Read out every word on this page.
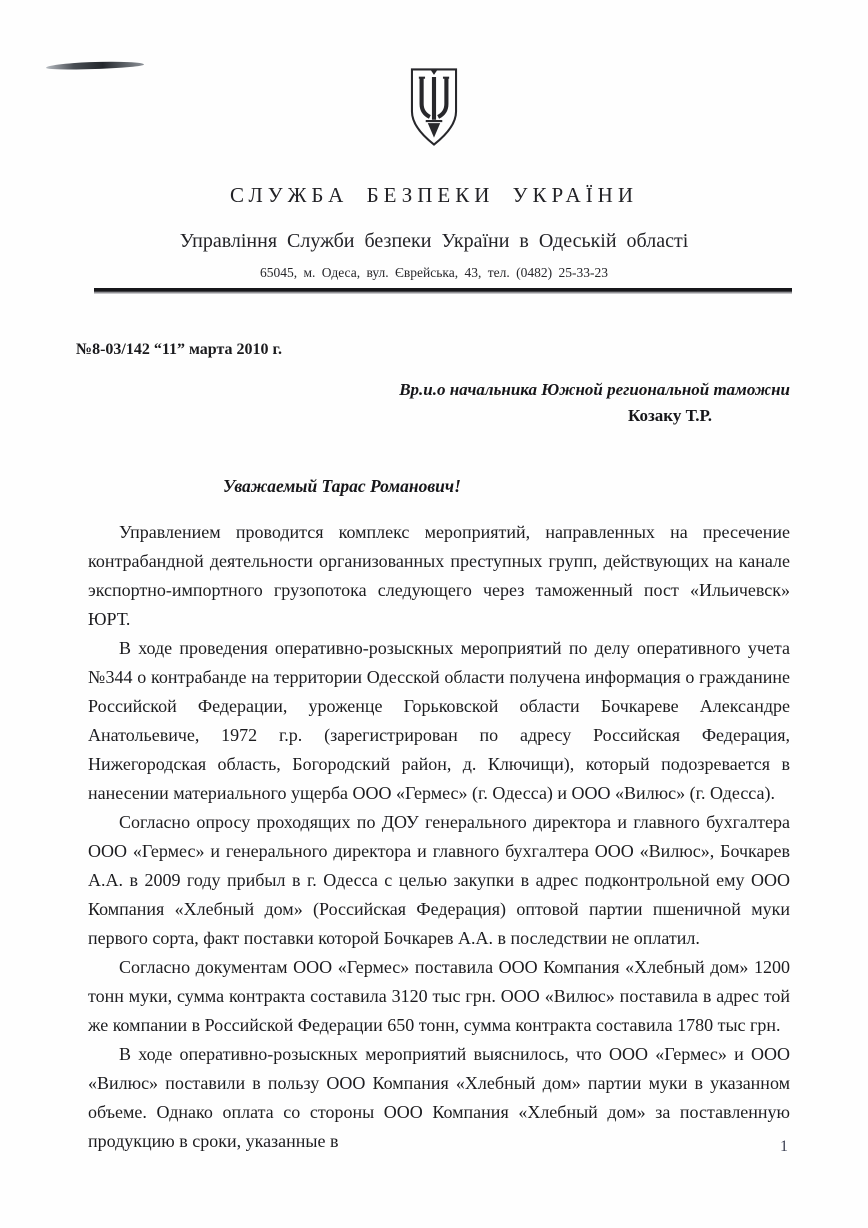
СЛУЖБА БЕЗПЕКИ УКРАЇНИ
Управління Служби безпеки України в Одеській області
65045, м. Одеса, вул. Єврейська, 43, тел. (0482) 25-33-23
№8-03/142 “11” марта 2010 г.
Вр.и.о начальника Южной региональной таможни
Козаку Т.Р.
Уважаемый Тарас Романович!

Управлением проводится комплекс мероприятий, направленных на пресечение контрабандной деятельности организованных преступных групп, действующих на канале экспортно-импортного грузопотока следующего через таможенный пост «Ильичевск» ЮРТ.

В ходе проведения оперативно-розыскных мероприятий по делу оперативного учета №344 о контрабанде на территории Одесской области получена информация о гражданине Российской Федерации, уроженце Горьковской области Бочкареве Александре Анатольевиче, 1972 г.р. (зарегистрирован по адресу Российская Федерация, Нижегородская область, Богородский район, д. Ключищи), который подозревается в нанесении материального ущерба ООО «Гермес» (г. Одесса) и ООО «Вилюс» (г. Одесса).

Согласно опросу проходящих по ДОУ генерального директора и главного бухгалтера ООО «Гермес» и генерального директора и главного бухгалтера ООО «Вилюс», Бочкарев А.А. в 2009 году прибыл в г. Одесса с целью закупки в адрес подконтрольной ему ООО Компания «Хлебный дом» (Российская Федерация) оптовой партии пшеничной муки первого сорта, факт поставки которой Бочкарев А.А. в последствии не оплатил.

Согласно документам ООО «Гермес» поставила ООО Компания «Хлебный дом» 1200 тонн муки, сумма контракта составила 3120 тыс грн. ООО «Вилюс» поставила в адрес той же компании в Российской Федерации 650 тонн, сумма контракта составила 1780 тыс грн.

В ходе оперативно-розыскных мероприятий выяснилось, что ООО «Гермес» и ООО «Вилюс» поставили в пользу ООО Компания «Хлебный дом» партии муки в указанном объеме. Однако оплата со стороны ООО Компания «Хлебный дом» за поставленную продукцию в сроки, указанные в	1
